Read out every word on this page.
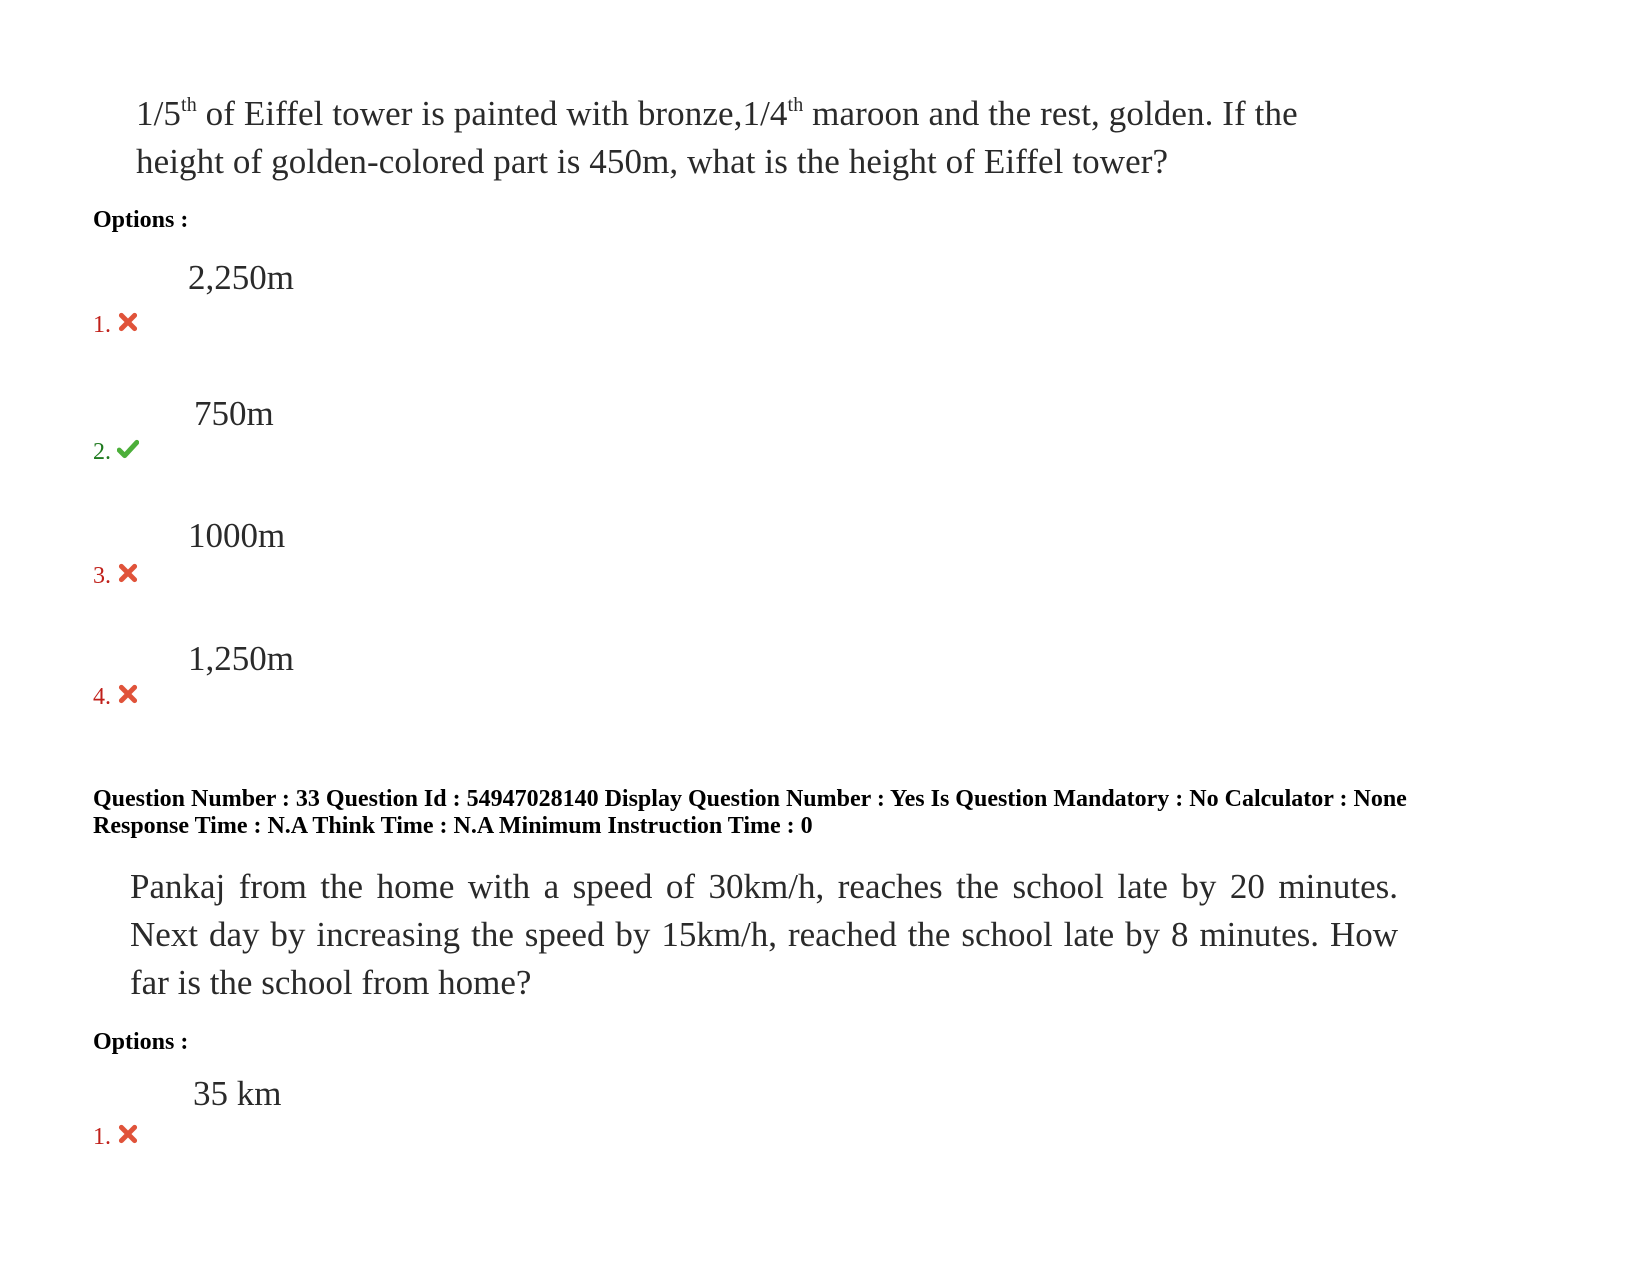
1/5th of Eiffel tower is painted with bronze,1/4th maroon and the rest, golden. If the
height of golden-colored part is 450m, what is the height of Eiffel tower?
Options :
2,250m
1.
750m
2.
1000m
3.
1,250m
4.
Question Number : 33 Question Id : 54947028140 Display Question Number : Yes Is Question Mandatory : No Calculator : None
Response Time : N.A Think Time : N.A Minimum Instruction Time : 0
Pankaj from the home with a speed of 30km/h, reaches the school late by 20 minutes. Next day by increasing the speed by 15km/h, reached the school late by 8 minutes. How far is the school from home?
Options :
35 km
1.
